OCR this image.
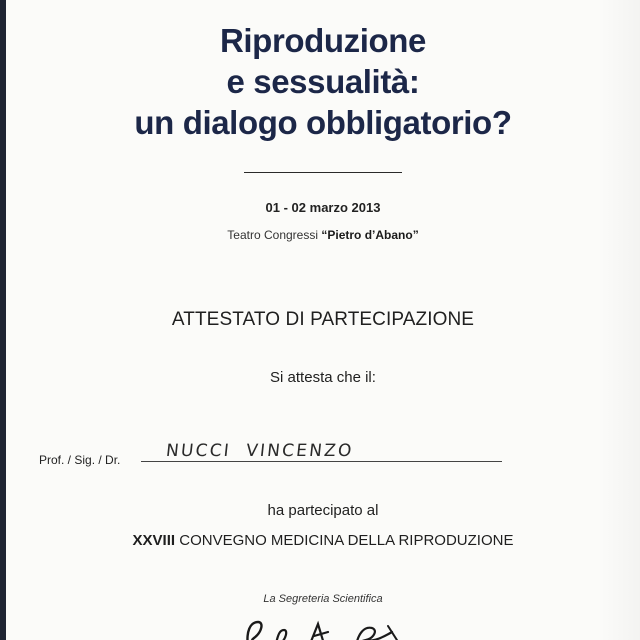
Riproduzione
e sessualità:
un dialogo obbligatorio?
01 - 02 marzo 2013
Teatro Congressi “Pietro d’Abano”
ATTESTATO DI PARTECIPAZIONE
Si attesta che il:
Prof. / Sig. / Dr.	NUCCI  VINCENZO
ha partecipato al
XXVIII CONVEGNO MEDICINA DELLA RIPRODUZIONE
La Segreteria Scientifica
